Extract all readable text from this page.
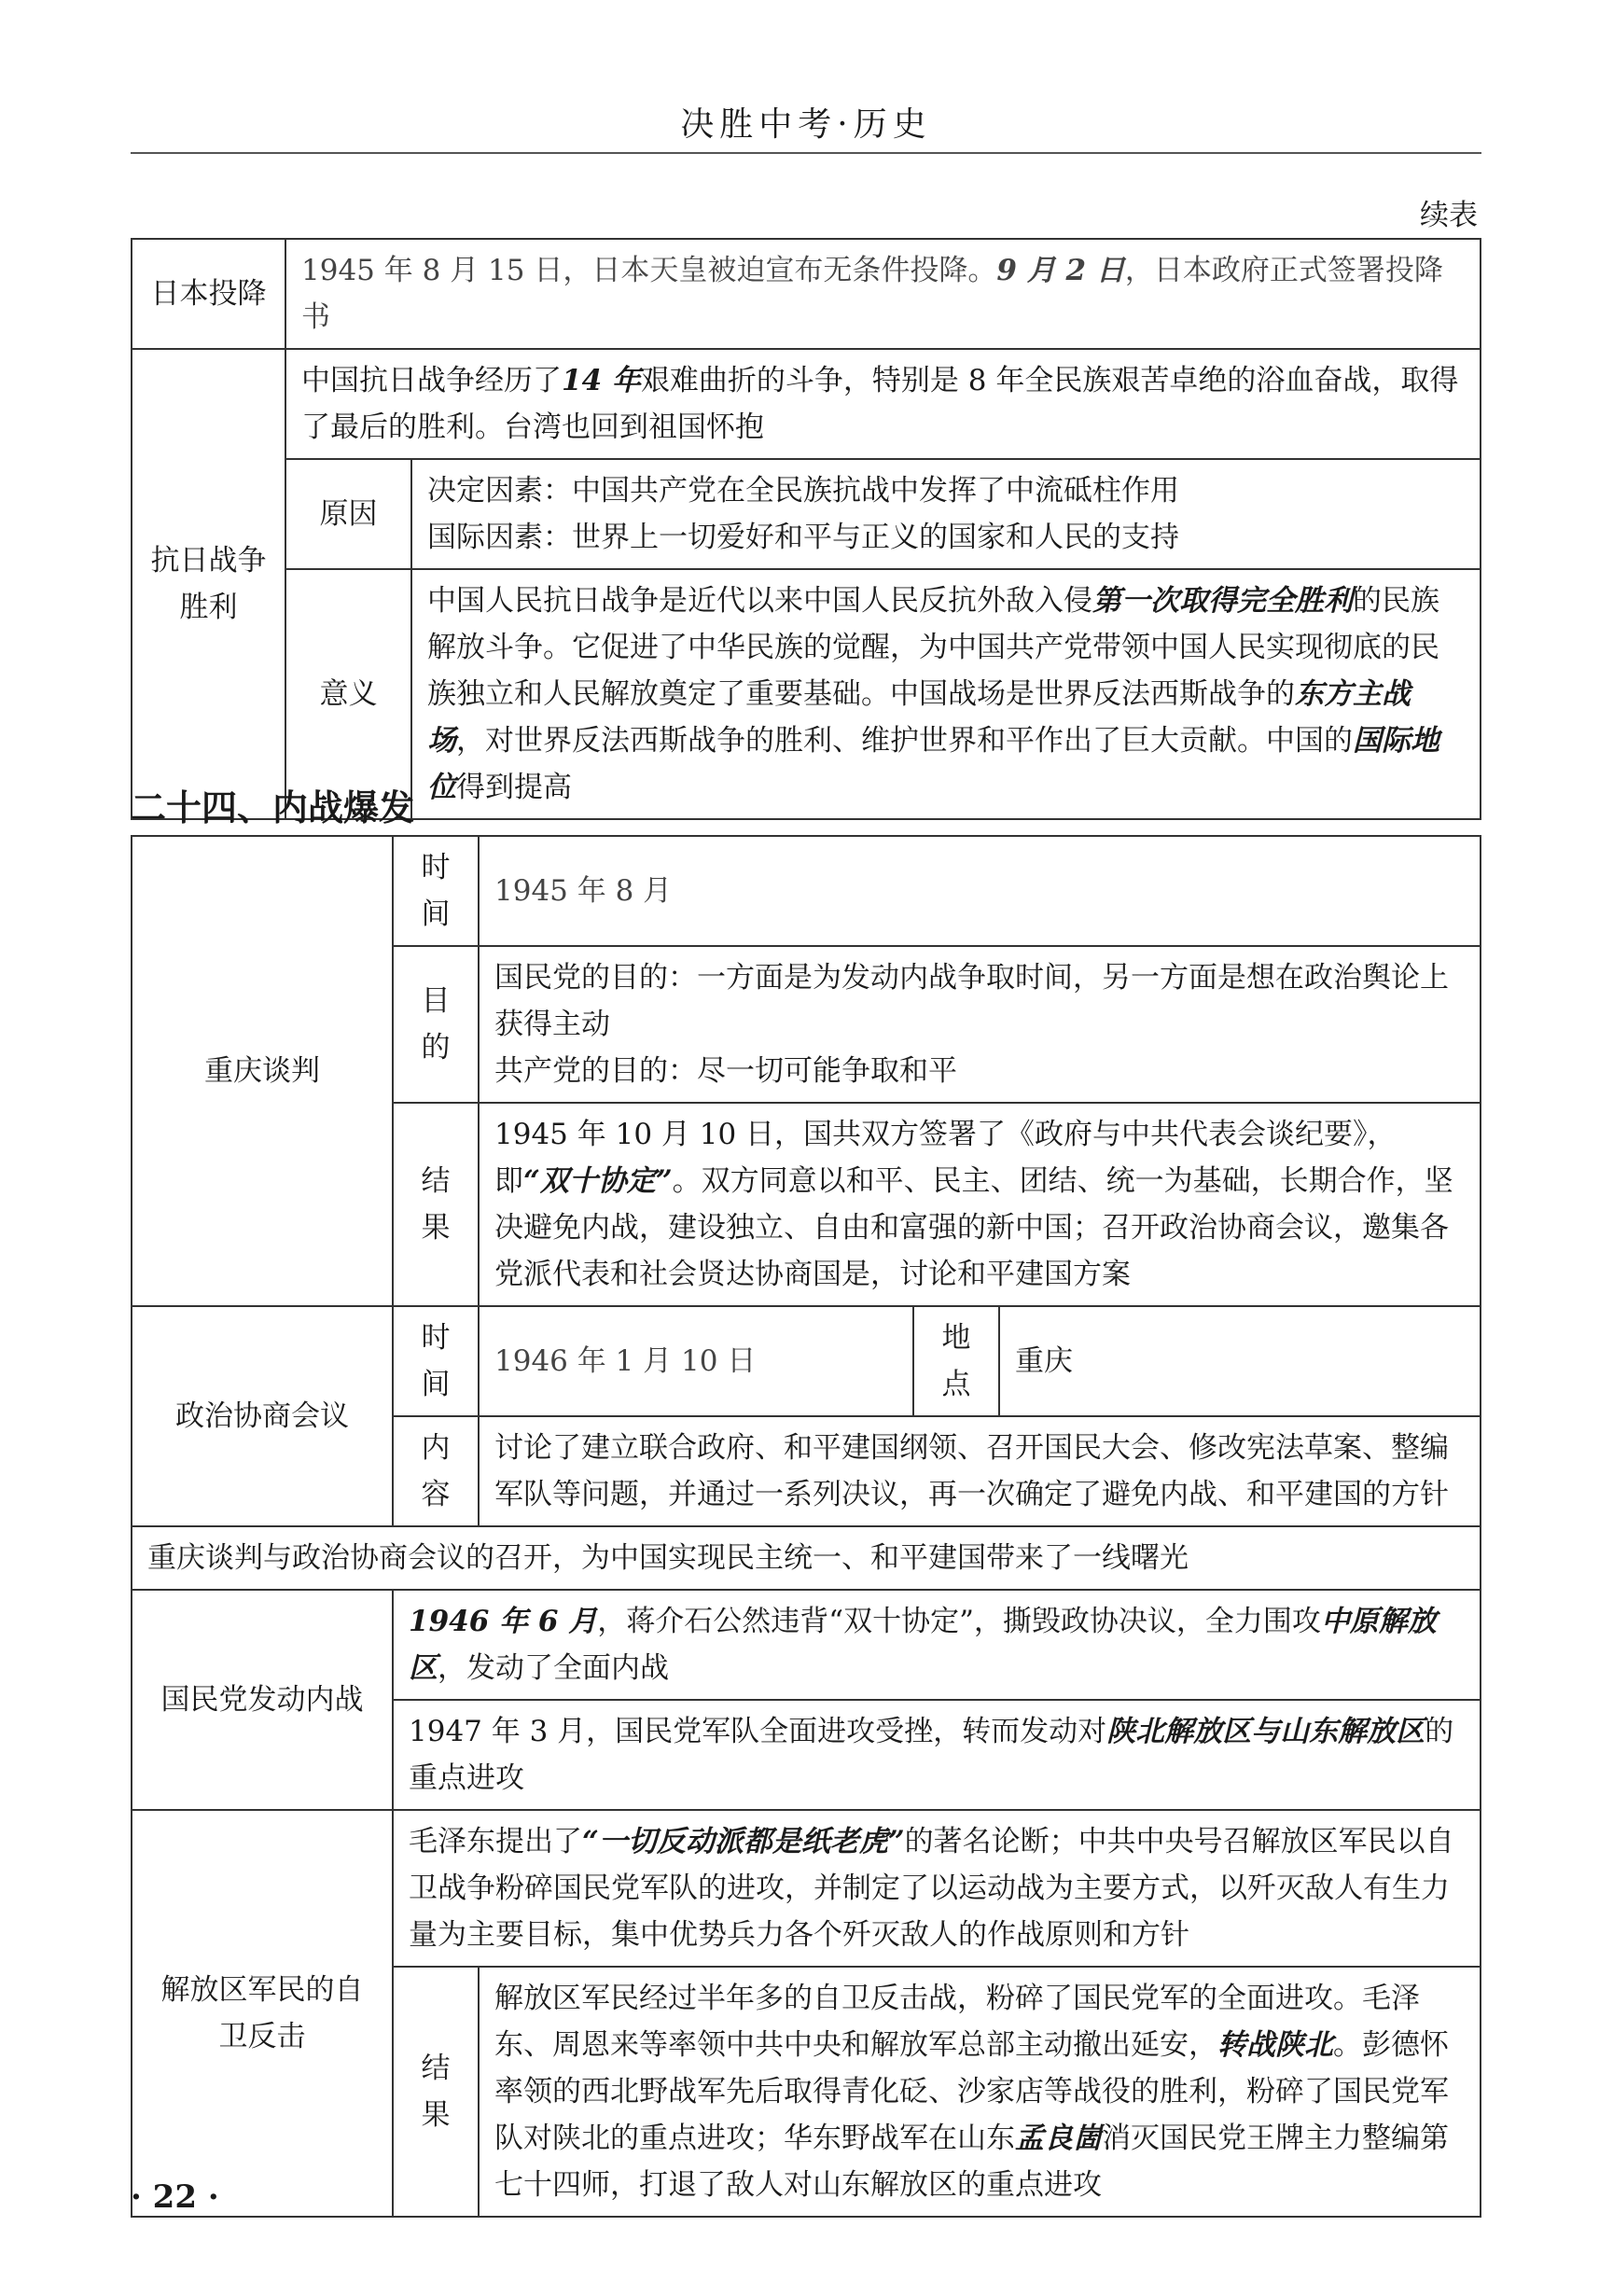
决胜中考·历史
续表
日本投降	1945 年 8 月 15 日，日本天皇被迫宣布无条件投降。9 月 2 日，日本政府正式签署投降书	
抗日战争胜利	中国抗日战争经历了14 年艰难曲折的斗争，特别是 8 年全民族艰苦卓绝的浴血奋战，取得了最后的胜利。台湾也回到祖国怀抱	
	原因	决定因素：中国共产党在全民族抗战中发挥了中流砥柱作用
国际因素：世界上一切爱好和平与正义的国家和人民的支持

	意义	中国人民抗日战争是近代以来中国人民反抗外敌入侵第一次取得完全胜利的民族解放斗争。它促进了中华民族的觉醒，为中国共产党带领中国人民实现彻底的民族独立和人民解放奠定了重要基础。中国战场是世界反法西斯战争的东方主战场，对世界反法西斯战争的胜利、维护世界和平作出了巨大贡献。中国的国际地位得到提高
二十四、内战爆发
重庆谈判	时间	1945 年 8 月		
	目的	国民党的目的：一方面是为发动内战争取时间，另一方面是想在政治舆论上获得主动
共产党的目的：尽一切可能争取和平		

	结果	1945 年 10 月 10 日，国共双方签署了《政府与中共代表会谈纪要》，即“双十协定”。双方同意以和平、民主、团结、统一为基础，长期合作，坚决避免内战，建设独立、自由和富强的新中国；召开政治协商会议，邀集各党派代表和社会贤达协商国是，讨论和平建国方案		
政治协商会议	时间	1946 年 1 月 10 日	地点	重庆
	内容	讨论了建立联合政府、和平建国纲领、召开国民大会、修改宪法草案、整编军队等问题，并通过一系列决议，再一次确定了避免内战、和平建国的方针		
重庆谈判与政治协商会议的召开，为中国实现民主统一、和平建国带来了一线曙光				
国民党发动内战	1946 年 6 月，蒋介石公然违背“双十协定”，撕毁政协决议，全力围攻中原解放区，发动了全面内战			
	1947 年 3 月，国民党军队全面进攻受挫，转而发动对陕北解放区与山东解放区的重点进攻			
解放区军民的自卫反击	毛泽东提出了“一切反动派都是纸老虎”的著名论断；中共中央号召解放区军民以自卫战争粉碎国民党军队的进攻，并制定了以运动战为主要方式，以歼灭敌人有生力量为主要目标，集中优势兵力各个歼灭敌人的作战原则和方针			
	结果	解放区军民经过半年多的自卫反击战，粉碎了国民党军的全面进攻。毛泽东、周恩来等率领中共中央和解放军总部主动撤出延安，转战陕北。彭德怀率领的西北野战军先后取得青化砭、沙家店等战役的胜利，粉碎了国民党军队对陕北的重点进攻；华东野战军在山东孟良崮消灭国民党王牌主力整编第七十四师，打退了敌人对山东解放区的重点进攻		
· 22 ·
